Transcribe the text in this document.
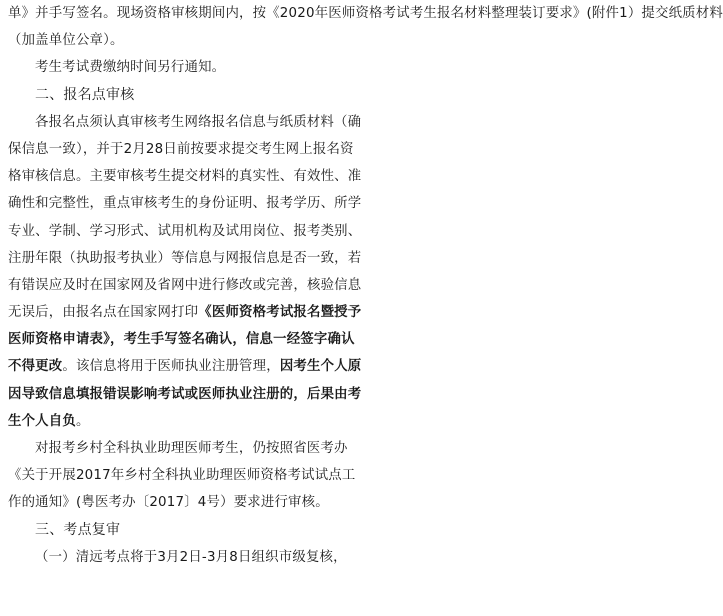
单》并手写签名。现场资格审核期间内，按《2020年医师资格考试考生报名材料整理装订要求》(附件1）提交纸质材料
（加盖单位公章）。
考生考试费缴纳时间另行通知。
二、报名点审核
各报名点须认真审核考生网络报名信息与纸质材料（确
保信息一致），并于2月28日前按要求提交考生网上报名资
格审核信息。主要审核考生提交材料的真实性、有效性、准
确性和完整性，重点审核考生的身份证明、报考学历、所学
专业、学制、学习形式、试用机构及试用岗位、报考类别、
注册年限（执助报考执业）等信息与网报信息是否一致，若
有错误应及时在国家网及省网中进行修改或完善，核验信息
无误后，由报名点在国家网打印《医师资格考试报名暨授予
医师资格申请表》，考生手写签名确认，信息一经签字确认
不得更改。该信息将用于医师执业注册管理，因考生个人原
因导致信息填报错误影响考试或医师执业注册的，后果由考
生个人自负。
对报考乡村全科执业助理医师考生，仍按照省医考办
《关于开展2017年乡村全科执业助理医师资格考试试点工
作的通知》(粤医考办〔2017〕4号）要求进行审核。
三、考点复审
（一）清远考点将于3月2日-3月8日组织市级复核，
